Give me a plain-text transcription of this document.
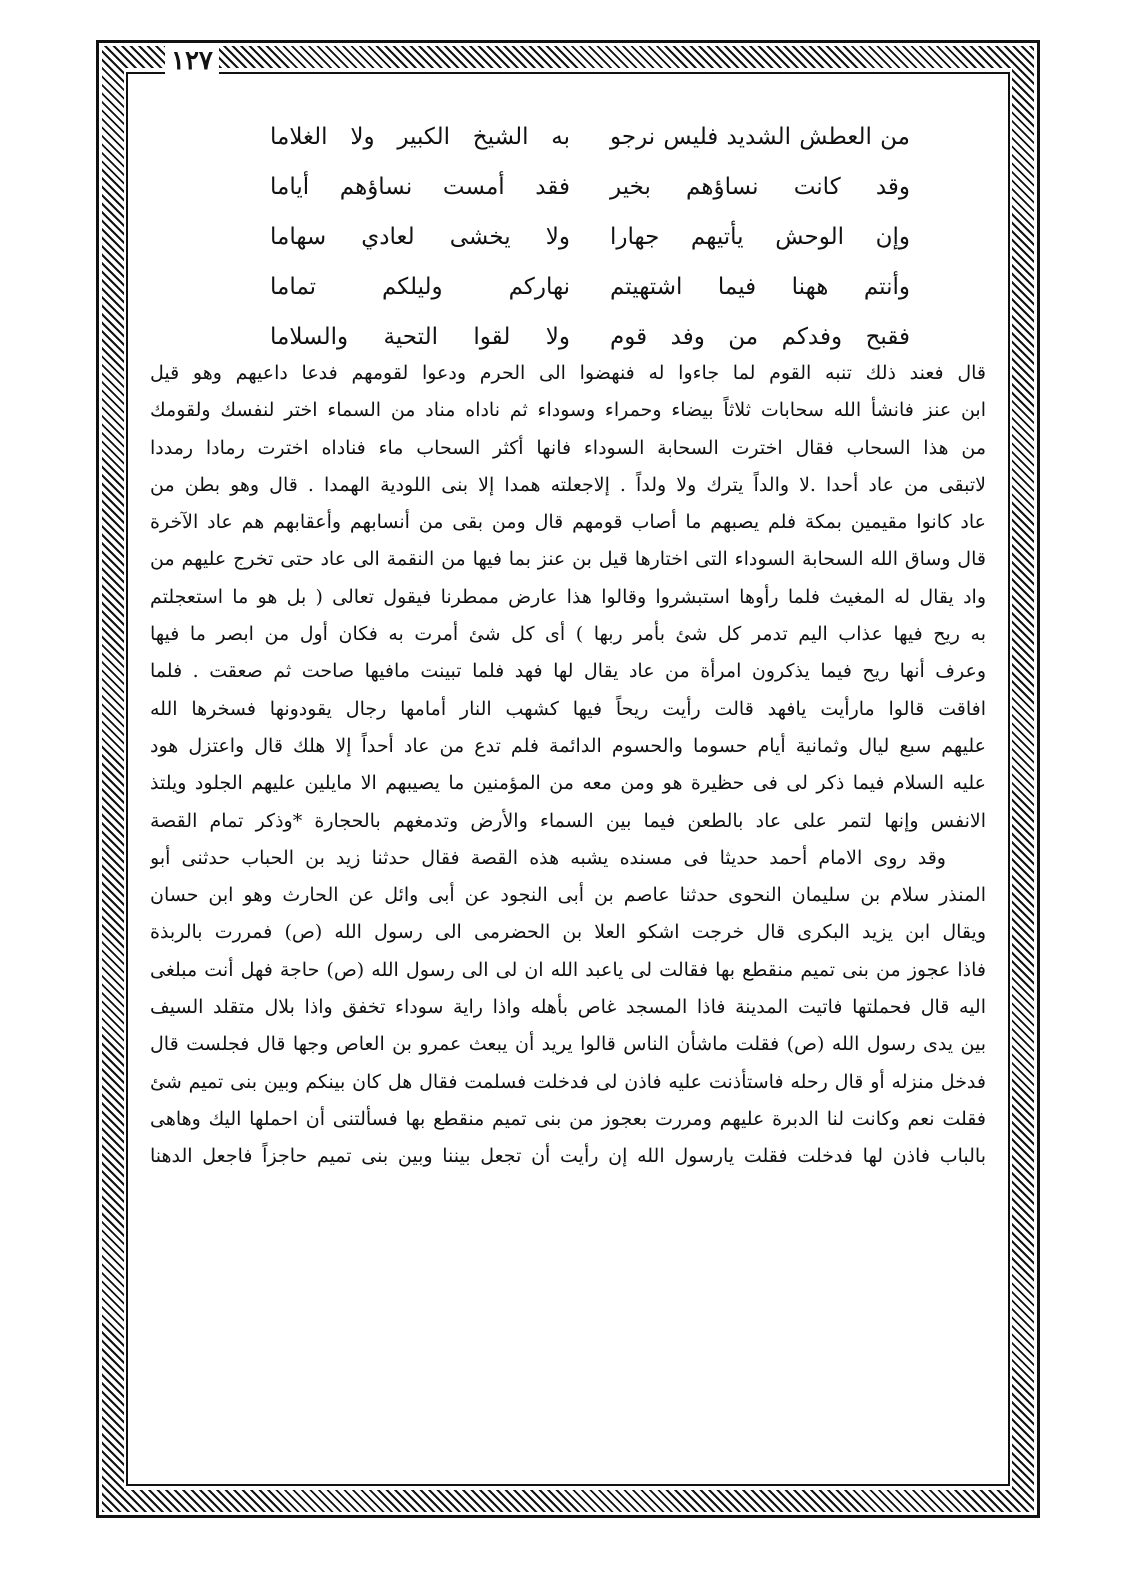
١٢٧
من العطش الشديد فليس نرجو
به الشيخ الكبير ولا الغلاما
وقد كانت نساؤهم بخير
فقد أمست نساؤهم أياما
وإن الوحش يأتيهم جهارا
ولا يخشى لعادي سهاما
وأنتم ههنا فيما اشتهيتم
نهاركم وليلكم تماما
فقبح وفدكم من وفد قوم
ولا لقوا التحية والسلاما
قال فعند ذلك تنبه القوم لما جاءوا له فنهضوا الى الحرم ودعوا لقومهم فدعا داعيهم وهو قيل
ابن عنز فانشأ الله سحابات ثلاثاً بيضاء وحمراء وسوداء ثم ناداه مناد من السماء اختر لنفسك ولقومك
من هذا السحاب فقال اخترت السحابة السوداء فانها أكثر السحاب ماء فناداه اخترت رمادا رمددا
لاتبقى من عاد أحدا .لا والداً يترك ولا ولداً . إلاجعلته همدا إلا بنى اللودية الهمدا . قال وهو بطن من
عاد كانوا مقيمين بمكة فلم يصبهم ما أصاب قومهم قال ومن بقى من أنسابهم وأعقابهم هم عاد الآخرة
قال وساق الله السحابة السوداء التى اختارها قيل بن عنز بما فيها من النقمة الى عاد حتى تخرج عليهم من
واد يقال له المغيث فلما رأوها استبشروا وقالوا هذا عارض ممطرنا فيقول تعالى ( بل هو ما استعجلتم
به ريح فيها عذاب اليم تدمر كل شئ بأمر ربها ) أى كل شئ أمرت به فكان أول من ابصر ما فيها
وعرف أنها ريح فيما يذكرون امرأة من عاد يقال لها فهد فلما تبينت مافيها صاحت ثم صعقت . فلما
افاقت قالوا مارأيت يافهد قالت رأيت ريحاً فيها كشهب النار أمامها رجال يقودونها فسخرها الله
عليهم سبع ليال وثمانية أيام حسوما والحسوم الدائمة فلم تدع من عاد أحداً إلا هلك قال واعتزل هود
عليه السلام فيما ذكر لى فى حظيرة هو ومن معه من المؤمنين ما يصيبهم الا مايلين عليهم الجلود ويلتذ
الانفس وإنها لتمر على عاد بالطعن فيما بين السماء والأرض وتدمغهم بالحجارة *وذكر تمام القصة
وقد روى الامام أحمد حديثا فى مسنده يشبه هذه القصة فقال حدثنا زيد بن الحباب حدثنى أبو
المنذر سلام بن سليمان النحوى حدثنا عاصم بن أبى النجود عن أبى وائل عن الحارث وهو ابن حسان
ويقال ابن يزيد البكرى قال خرجت اشكو العلا بن الحضرمى الى رسول الله (ص) فمررت بالربذة
فاذا عجوز من بنى تميم منقطع بها فقالت لى ياعبد الله ان لى الى رسول الله (ص) حاجة فهل أنت مبلغى
اليه قال فحملتها فاتيت المدينة فاذا المسجد غاص بأهله واذا راية سوداء تخفق واذا بلال متقلد السيف
بين يدى رسول الله (ص) فقلت ماشأن الناس قالوا يريد أن يبعث عمرو بن العاص وجها قال فجلست قال
فدخل منزله أو قال رحله فاستأذنت عليه فاذن لى فدخلت فسلمت فقال هل كان بينكم وبين بنى تميم شئ
فقلت نعم وكانت لنا الدبرة عليهم ومررت بعجوز من بنى تميم منقطع بها فسألتنى أن احملها اليك وهاهى
بالباب فاذن لها فدخلت فقلت يارسول الله إن رأيت أن تجعل بيننا وبين بنى تميم حاجزاً فاجعل الدهنا
